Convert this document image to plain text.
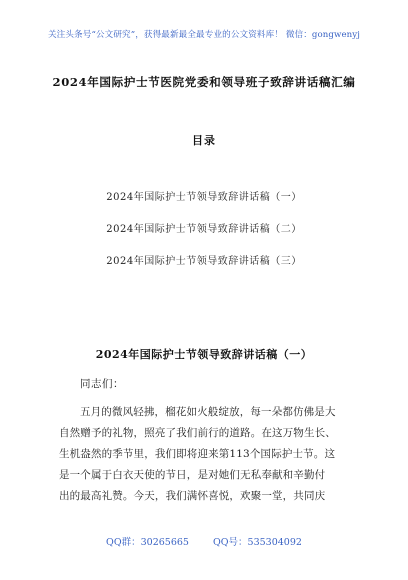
关注头条号“公文研究”，获得最新最全最专业的公文资料库！ 微信：gongwenyj
2024年国际护士节医院党委和领导班子致辞讲话稿汇编
目录
2024年国际护士节领导致辞讲话稿（一）
2024年国际护士节领导致辞讲话稿（二）
2024年国际护士节领导致辞讲话稿（三）
2024年国际护士节领导致辞讲话稿（一）
同志们：
五月的微风轻拂，榴花如火般绽放，每一朵都仿佛是大
自然赠予的礼物，照亮了我们前行的道路。在这万物生长、
生机盎然的季节里，我们即将迎来第113个国际护士节。这
是一个属于白衣天使的节日，是对她们无私奉献和辛勤付
出的最高礼赞。今天，我们满怀喜悦，欢聚一堂，共同庆
QQ群：30265665	QQ号：535304092
